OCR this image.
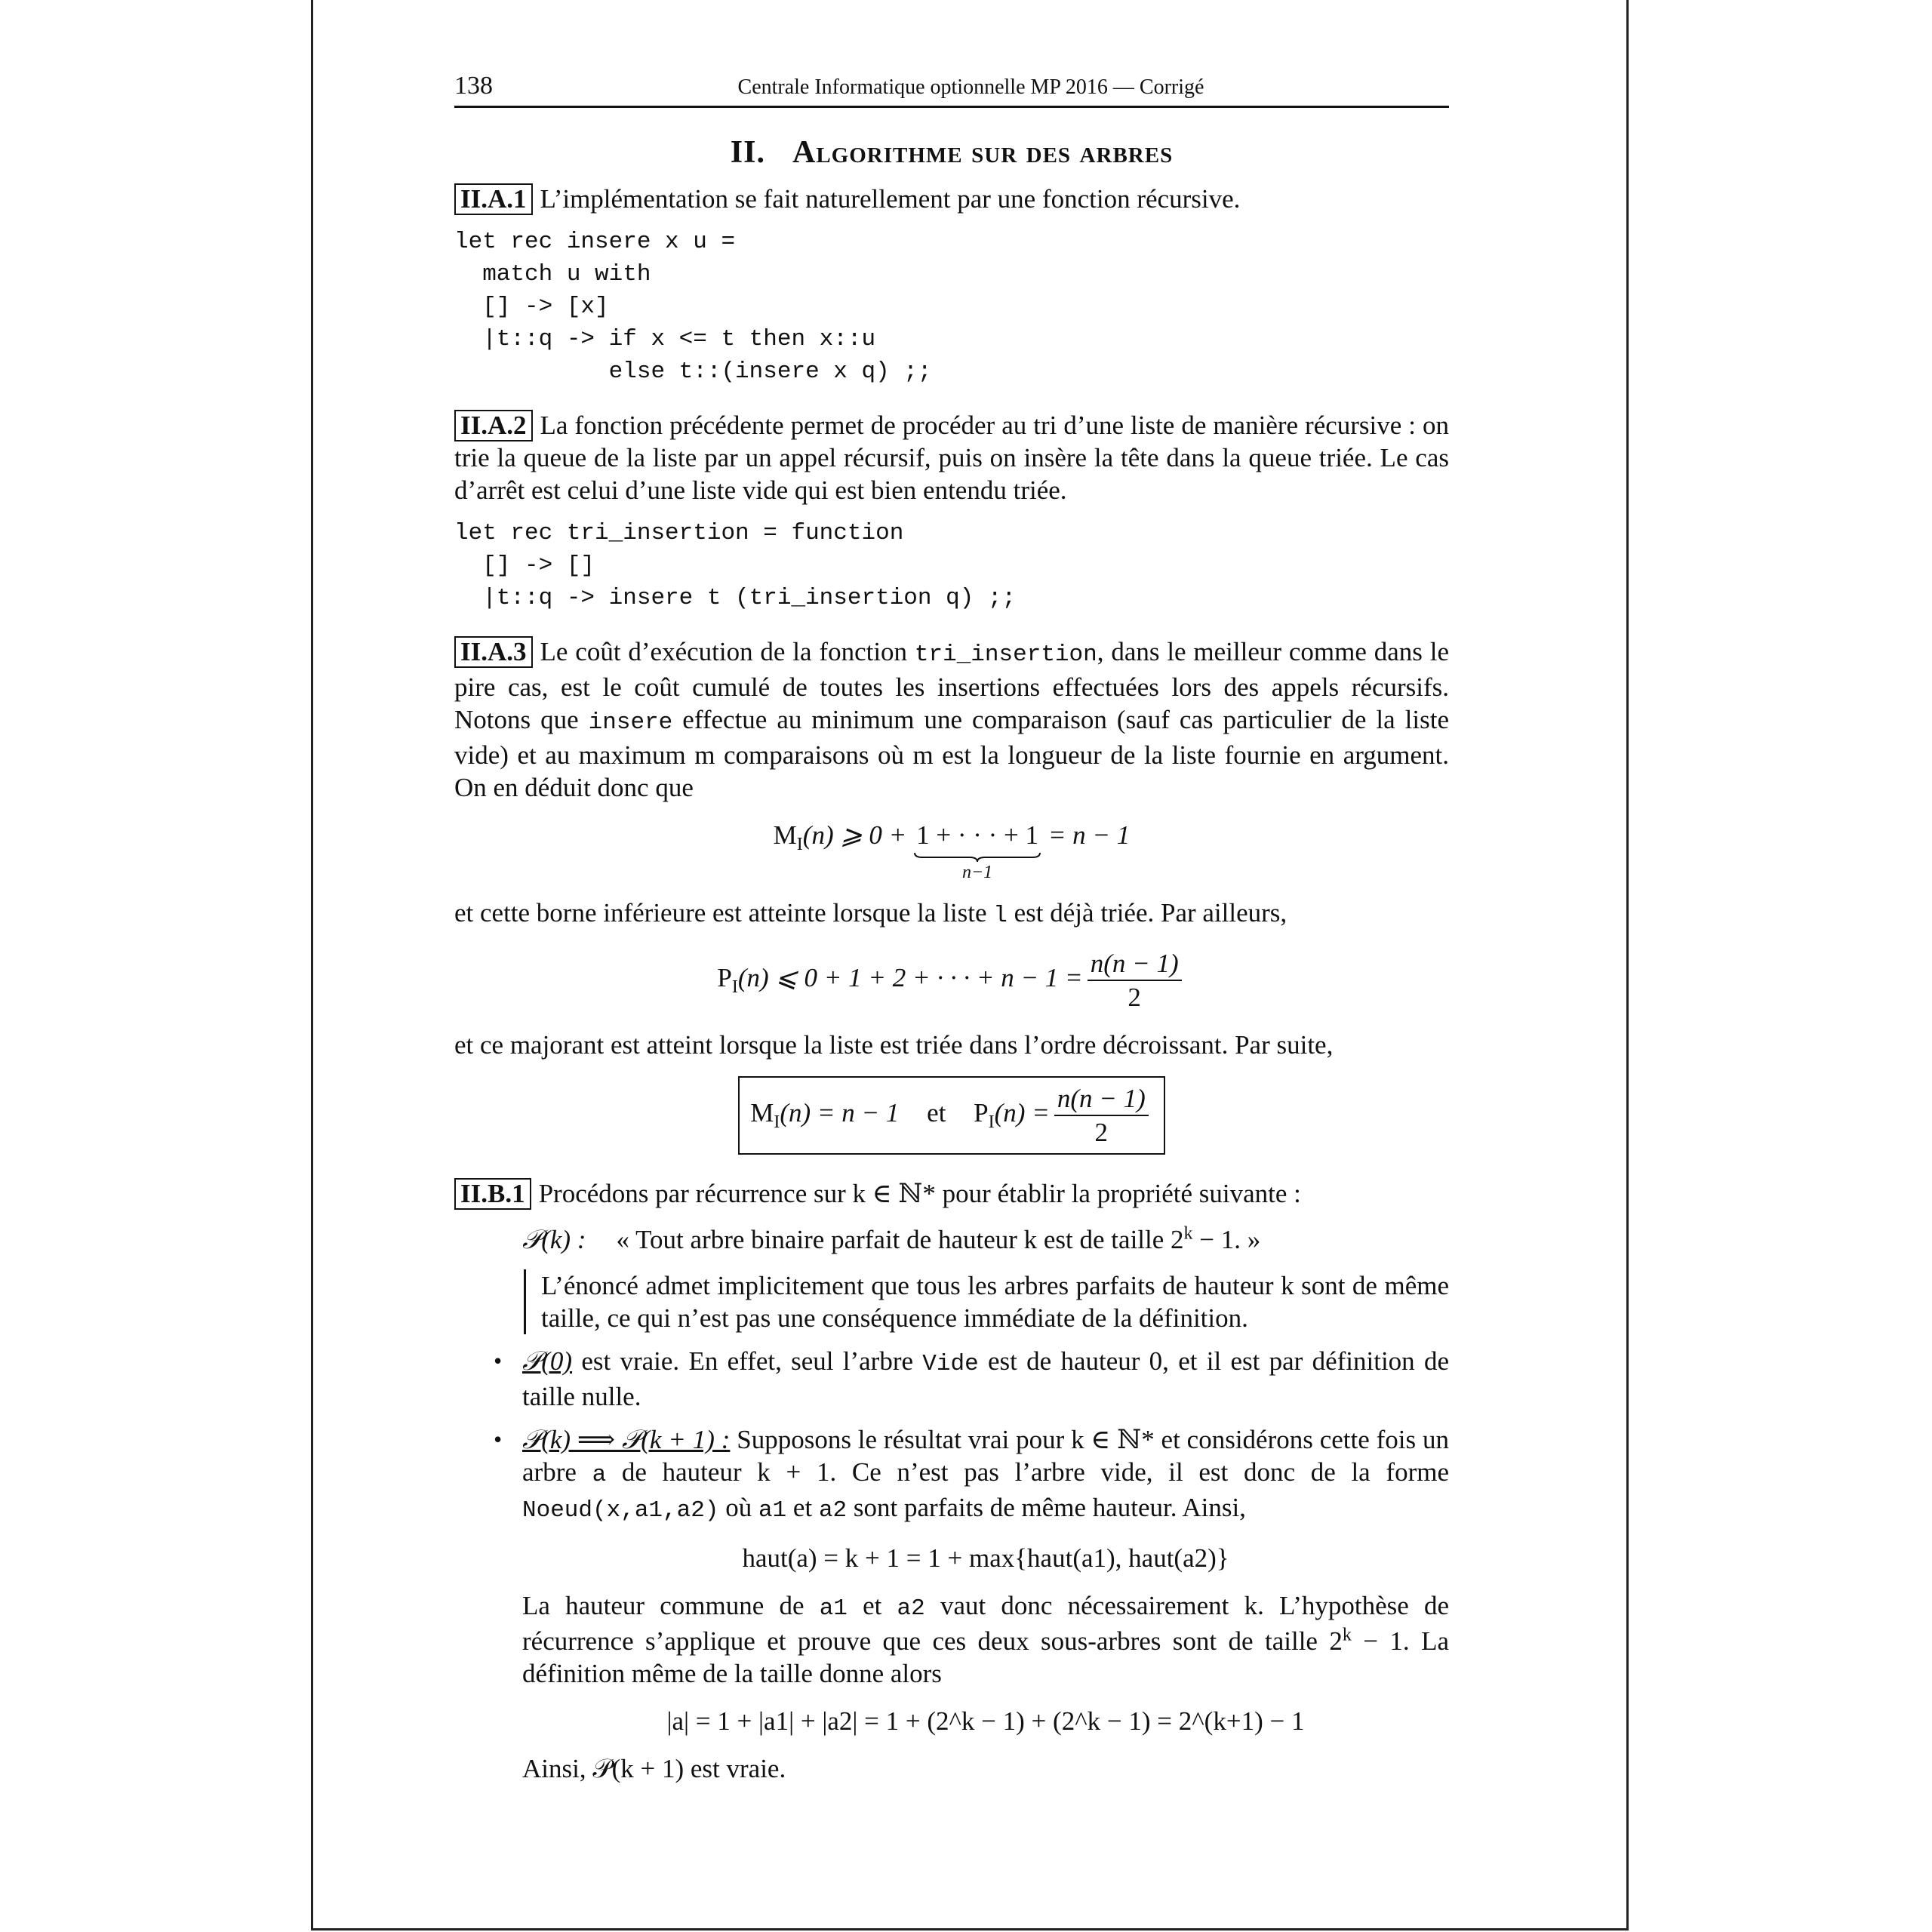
138	Centrale Informatique optionnelle MP 2016 — Corrigé
II. Algorithme sur des arbres

II.A.1 L’implémentation se fait naturellement par une fonction récursive.

let rec insere x u =
match u with
[] -> [x]
|t::q -> if x <= t then x::u
else t::(insere x q) ;;

II.A.2 La fonction précédente permet de procéder au tri d’une liste de manière récursive : on trie la queue de la liste par un appel récursif, puis on insère la tête dans la queue triée. Le cas d’arrêt est celui d’une liste vide qui est bien entendu triée.

let rec tri_insertion = function
[] -> []
|t::q -> insere t (tri_insertion q) ;;

II.A.3 Le coût d’exécution de la fonction tri_insertion, dans le meilleur comme dans le pire cas, est le coût cumulé de toutes les insertions effectuées lors des appels récursifs. Notons que insere effectue au minimum une comparaison (sauf cas particulier de la liste vide) et au maximum m comparaisons où m est la longueur de la liste fournie en argument. On en déduit donc que

$M_I(n)$ ⩾ 0 + 1 + · · · + 1
n−1
= n − 1

et cette borne inférieure est atteinte lorsque la liste l est déjà triée. Par ailleurs,

$P_I(n)$ ⩽ 0 + 1 + 2 + · · · + $n - 1 = \frac{n(n - 1)}{2}$

et ce majorant est atteint lorsque la liste est triée dans l’ordre décroissant. Par suite,

$M_I(n) = n - 1$ et $P_I(n) = \frac{n(n - 1)}{2}$

II.B.1 Procédons par récurrence sur k ∈ ℕ* pour établir la propriété suivante :

𝒫(k) : « Tout arbre binaire parfait de hauteur k est de taille $2^k - 1$. »
L’énoncé admet implicitement que tous les arbres parfaits de hauteur k sont de même taille, ce qui n’est pas une conséquence immédiate de la définition.
• 𝒫(0) est vraie. En effet, seul l’arbre Vide est de hauteur 0, et il est par définition de taille nulle.
• 𝒫(k) ⟹ 𝒫(k + 1) : Supposons le résultat vrai pour k ∈ ℕ* et considérons cette fois un arbre a de hauteur k + 1. Ce n’est pas l’arbre vide, il est donc de la forme Noeud(x,a1,a2) où a1 et a2 sont parfaits de même hauteur. Ainsi,
haut(a) = k + 1 = 1 + max{haut(a1), haut(a2)}

La hauteur commune de a1 et a2 vaut donc nécessairement k. L’hypothèse de récurrence s’applique et prouve que ces deux sous-arbres sont de taille $2^k - 1$. La définition même de la taille donne alors

|a| = 1 + |a1| + |a2| = 1 + (2^k − 1) + (2^k − 1) = 2^(k+1) − 1

Ainsi, 𝒫(k + 1) est vraie.
